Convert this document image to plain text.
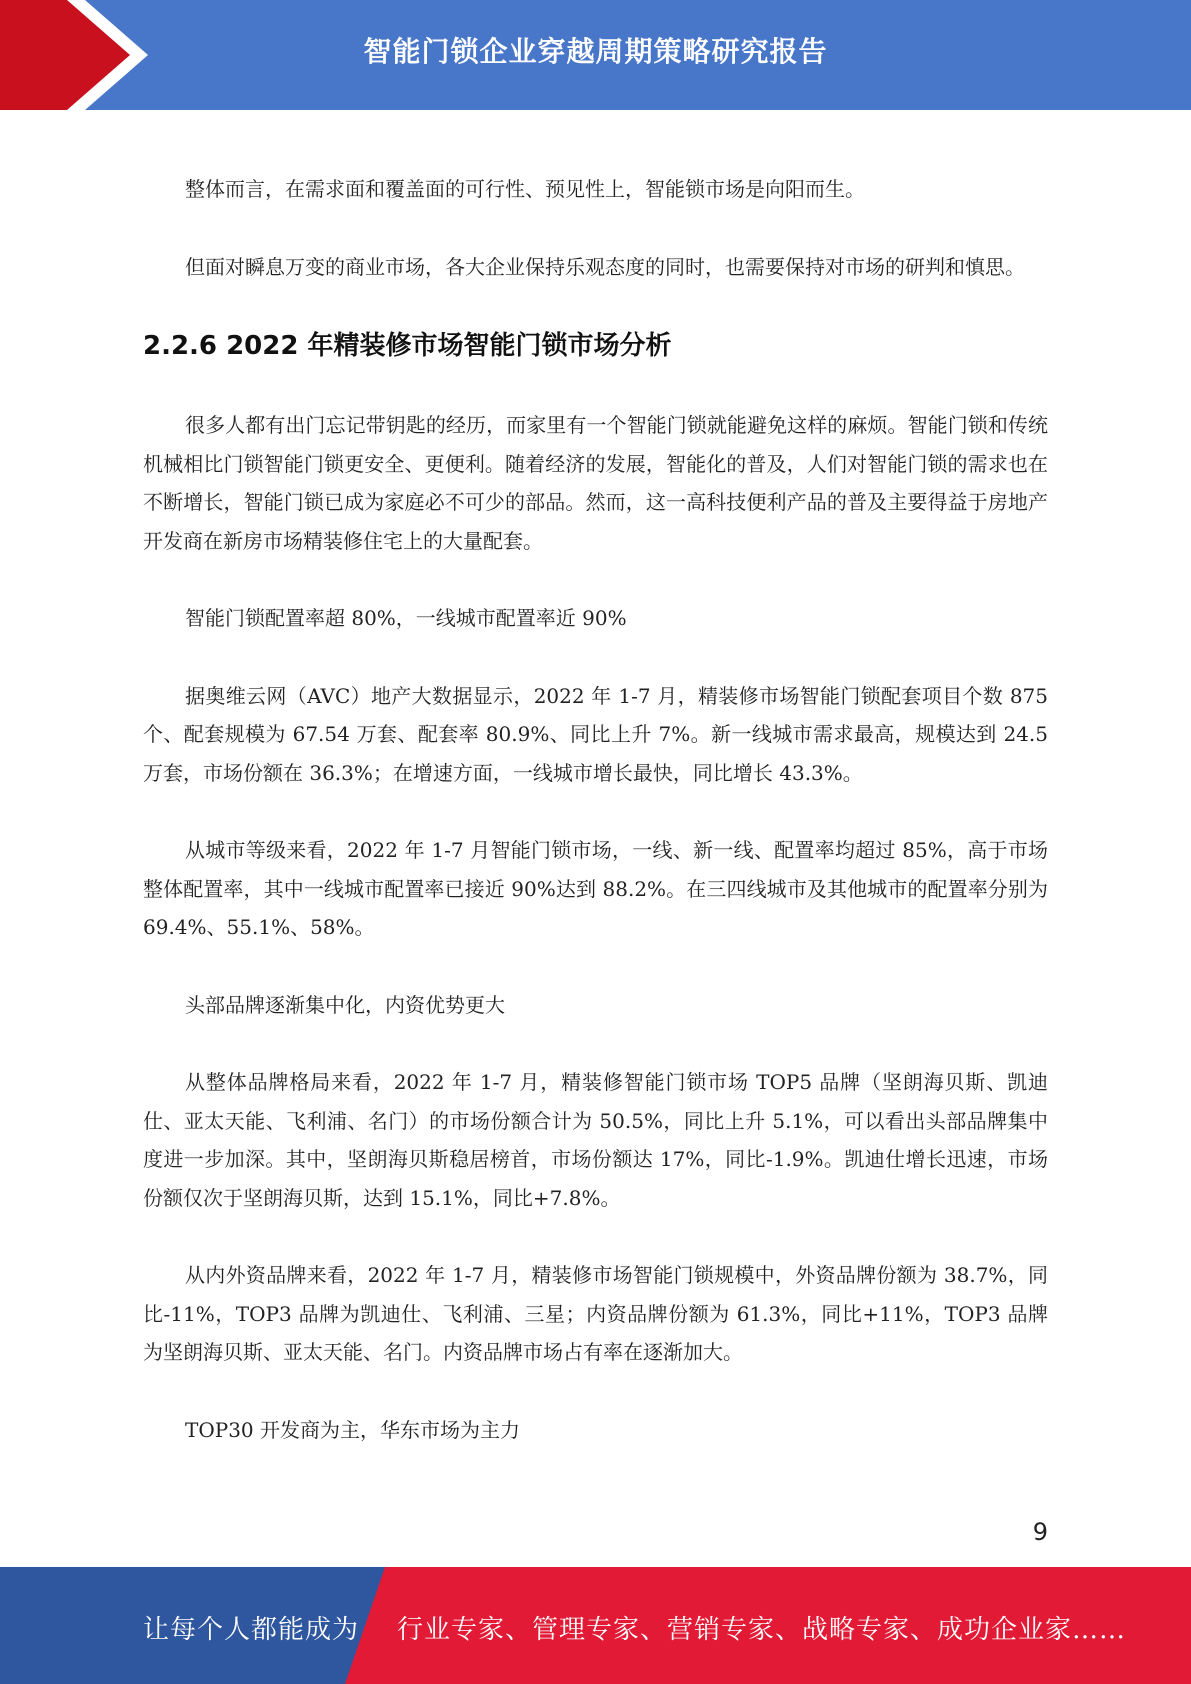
智能门锁企业穿越周期策略研究报告

整体而言，在需求面和覆盖面的可行性、预见性上，智能锁市场是向阳而生。

但面对瞬息万变的商业市场，各大企业保持乐观态度的同时，也需要保持对市场的研判和慎思。

2.2.6 2022 年精装修市场智能门锁市场分析

很多人都有出门忘记带钥匙的经历，而家里有一个智能门锁就能避免这样的麻烦。智能门锁和传统机械相比门锁智能门锁更安全、更便利。随着经济的发展，智能化的普及，人们对智能门锁的需求也在不断增长，智能门锁已成为家庭必不可少的部品。然而，这一高科技便利产品的普及主要得益于房地产开发商在新房市场精装修住宅上的大量配套。

智能门锁配置率超 80%，一线城市配置率近 90%

据奥维云网（AVC）地产大数据显示，2022 年 1-7 月，精装修市场智能门锁配套项目个数 875 个、配套规模为 67.54 万套、配套率 80.9%、同比上升 7%。新一线城市需求最高，规模达到 24.5 万套，市场份额在 36.3%；在增速方面，一线城市增长最快，同比增长 43.3%。

从城市等级来看，2022 年 1-7 月智能门锁市场，一线、新一线、配置率均超过 85%，高于市场整体配置率，其中一线城市配置率已接近 90%达到 88.2%。在三四线城市及其他城市的配置率分别为 69.4%、55.1%、58%。

头部品牌逐渐集中化，内资优势更大

从整体品牌格局来看，2022 年 1-7 月，精装修智能门锁市场 TOP5 品牌（坚朗海贝斯、凯迪仕、亚太天能、飞利浦、名门）的市场份额合计为 50.5%，同比上升 5.1%，可以看出头部品牌集中度进一步加深。其中，坚朗海贝斯稳居榜首，市场份额达 17%，同比-1.9%。凯迪仕增长迅速，市场份额仅次于坚朗海贝斯，达到 15.1%，同比+7.8%。

从内外资品牌来看，2022 年 1-7 月，精装修市场智能门锁规模中，外资品牌份额为 38.7%，同比-11%，TOP3 品牌为凯迪仕、飞利浦、三星；内资品牌份额为 61.3%，同比+11%，TOP3 品牌为坚朗海贝斯、亚太天能、名门。内资品牌市场占有率在逐渐加大。

TOP30 开发商为主，华东市场为主力

9
让每个人都能成为 行业专家、管理专家、营销专家、战略专家、成功企业家……
